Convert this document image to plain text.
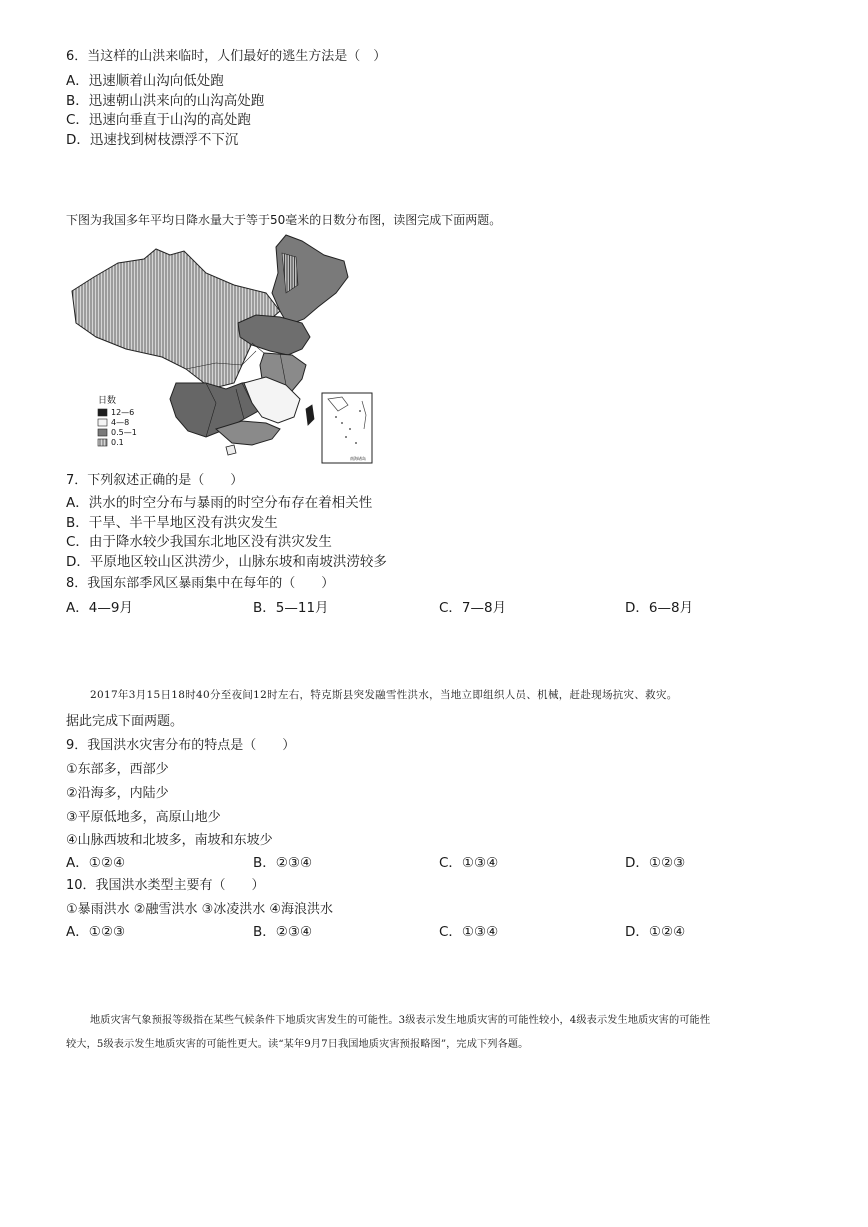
6．当这样的山洪来临时，人们最好的逃生方法是（　）
A．迅速顺着山沟向低处跑
B．迅速朝山洪来向的山沟高处跑
C．迅速向垂直于山沟的高处跑
D．迅速找到树枝漂浮不下沉
下图为我国多年平均日降水量大于等于50毫米的日数分布图，读图完成下面两题。
日数
12—6
4—8
0.5—1
0.1
南海诸岛
7．下列叙述正确的是（　　）
A．洪水的时空分布与暴雨的时空分布存在着相关性
B．干旱、半干旱地区没有洪灾发生
C．由于降水较少我国东北地区没有洪灾发生
D．平原地区较山区洪涝少，山脉东坡和南坡洪涝较多
8．我国东部季风区暴雨集中在每年的（　　）
A．4—9月	B．5—11月	C．7—8月	D．6—8月
2017年3月15日18时40分至夜间12时左右，特克斯县突发融雪性洪水，当地立即组织人员、机械，赶赴现场抗灾、救灾。
据此完成下面两题。
9．我国洪水灾害分布的特点是（　　）
①东部多，西部少
②沿海多，内陆少
③平原低地多，高原山地少
④山脉西坡和北坡多，南坡和东坡少
A．①②④	B．②③④	C．①③④	D．①②③
10．我国洪水类型主要有（　　）
①暴雨洪水 ②融雪洪水 ③冰凌洪水 ④海浪洪水
A．①②③	B．②③④	C．①③④	D．①②④
地质灾害气象预报等级指在某些气候条件下地质灾害发生的可能性。3级表示发生地质灾害的可能性较小，4级表示发生地质灾害的可能性
较大，5级表示发生地质灾害的可能性更大。读“某年9月7日我国地质灾害预报略图”，完成下列各题。
